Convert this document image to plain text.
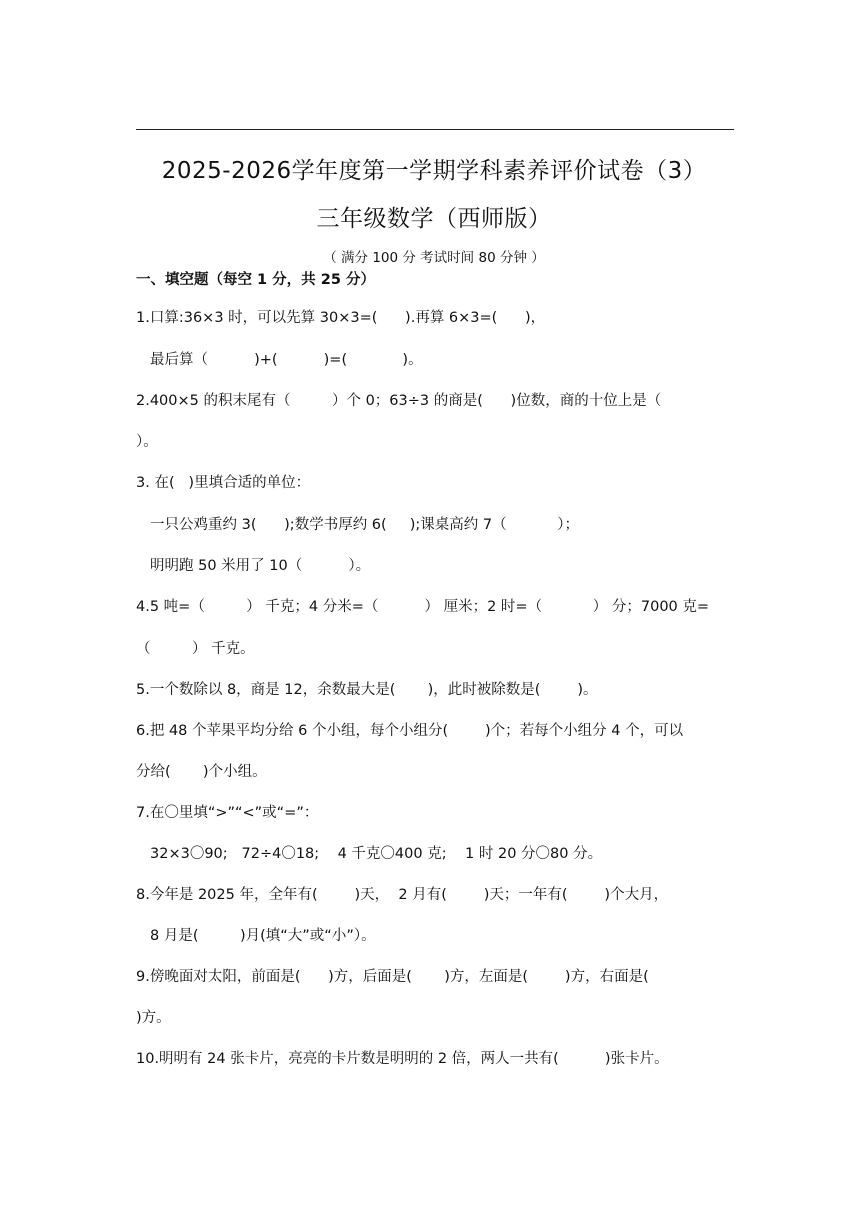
2025-2026学年度第一学期学科素养评价试卷（3）
三年级数学（西师版）
（ 满分 100 分 考试时间 80 分钟 ）
一、填空题（每空 1 分，共 25 分）
1.口算:36×3 时，可以先算 30×3=(      ).再算 6×3=(      )，
最后算（          )+(          )=(            )。
2.400×5 的积末尾有（         ）个 0；63÷3 的商是(      )位数，商的十位上是（
）。
3. 在(   )里填合适的单位：
一只公鸡重约 3(      );数学书厚约 6(     );课桌高约 7（           ）；
明明跑 50 米用了 10（          ）。
4.5 吨=（         ） 千克；4 分米=（          ） 厘米；2 时=（           ） 分；7000 克=
（         ） 千克。
5.一个数除以 8，商是 12，余数最大是(       )，此时被除数是(        )。
6.把 48 个苹果平均分给 6 个小组，每个小组分(        )个；若每个小组分 4 个，可以
分给(       )个小组。
7.在〇里填“>”“<”或“=”：
32×3〇90;   72÷4〇18;    4 千克〇400 克;    1 时 20 分〇80 分。
8.今年是 2025 年，全年有(        )天，  2 月有(        )天；一年有(        )个大月，
8 月是(         )月(填“大”或“小”）。
9.傍晚面对太阳，前面是(      )方，后面是(       )方，左面是(        )方，右面是(
)方。
10.明明有 24 张卡片，亮亮的卡片数是明明的 2 倍，两人一共有(          )张卡片。
